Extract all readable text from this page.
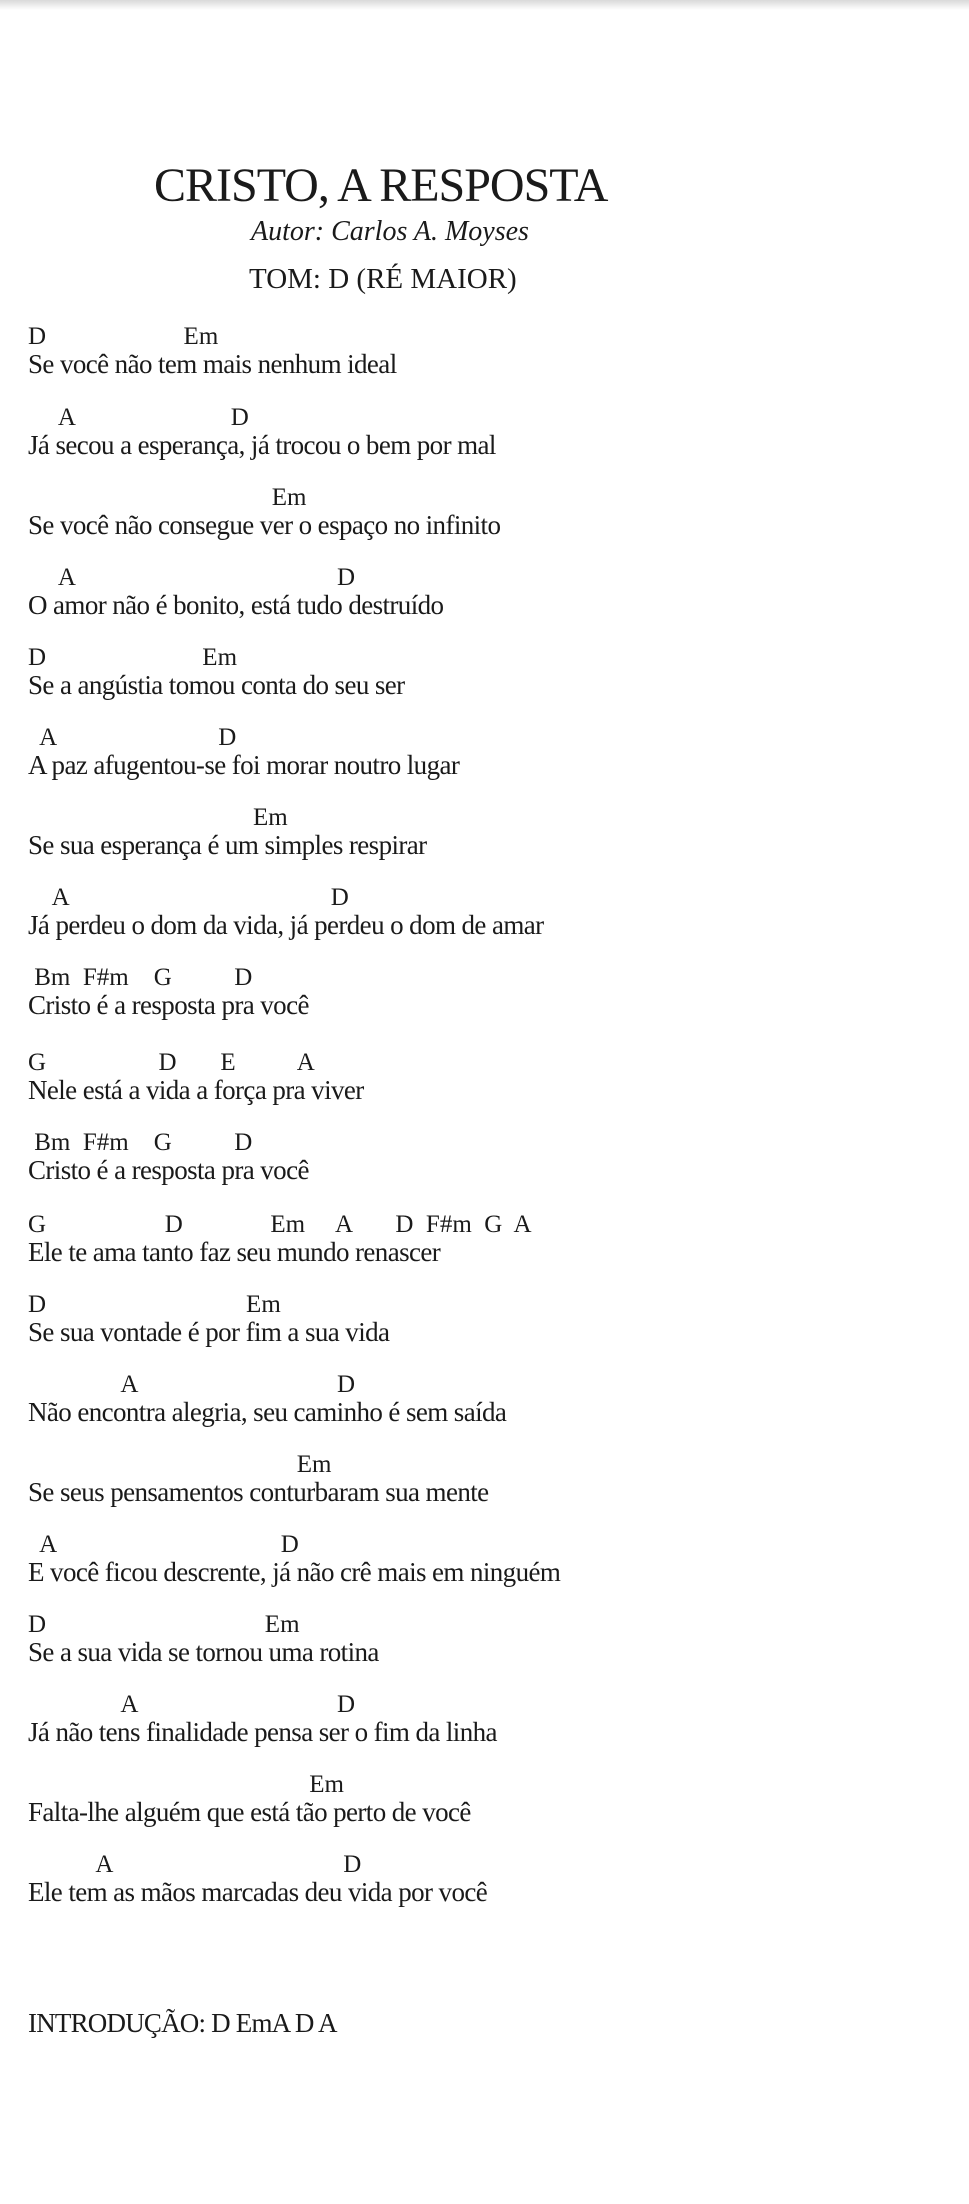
CRISTO, A RESPOSTA
Autor: Carlos A. Moyses
TOM: D (RÉ MAIOR)
D                      Em
Se você não tem mais nenhum ideal
A                         D
Já secou a esperança, já trocou o bem por mal
Em
Se você não consegue ver o espaço no infinito
A                                          D
O amor não é bonito, está tudo destruído
D                         Em
Se a angústia tomou conta do seu ser
A                          D
A paz afugentou-se foi morar noutro lugar
Em
Se sua esperança é um simples respirar
A                                          D
Já perdeu o dom da vida, já perdeu o dom de amar
Bm  F#m    G          D
Cristo é a resposta pra você
G                  D       E          A
Nele está a vida a força pra viver
Bm  F#m    G          D
Cristo é a resposta pra você
G                   D              Em     A       D  F#m  G  A
Ele te ama tanto faz seu mundo renascer
D                                Em
Se sua vontade é por fim a sua vida
A                                D
Não encontra alegria, seu caminho é sem saída
Em
Se seus pensamentos conturbaram sua mente
A                                    D
E você ficou descrente, já não crê mais em ninguém
D                                   Em
Se a sua vida se tornou uma rotina
A                                D
Já não tens finalidade pensa ser o fim da linha
Em
Falta-lhe alguém que está tão perto de você
A                                     D
Ele tem as mãos marcadas deu vida por você
INTRODUÇÃO: D EmA D A
